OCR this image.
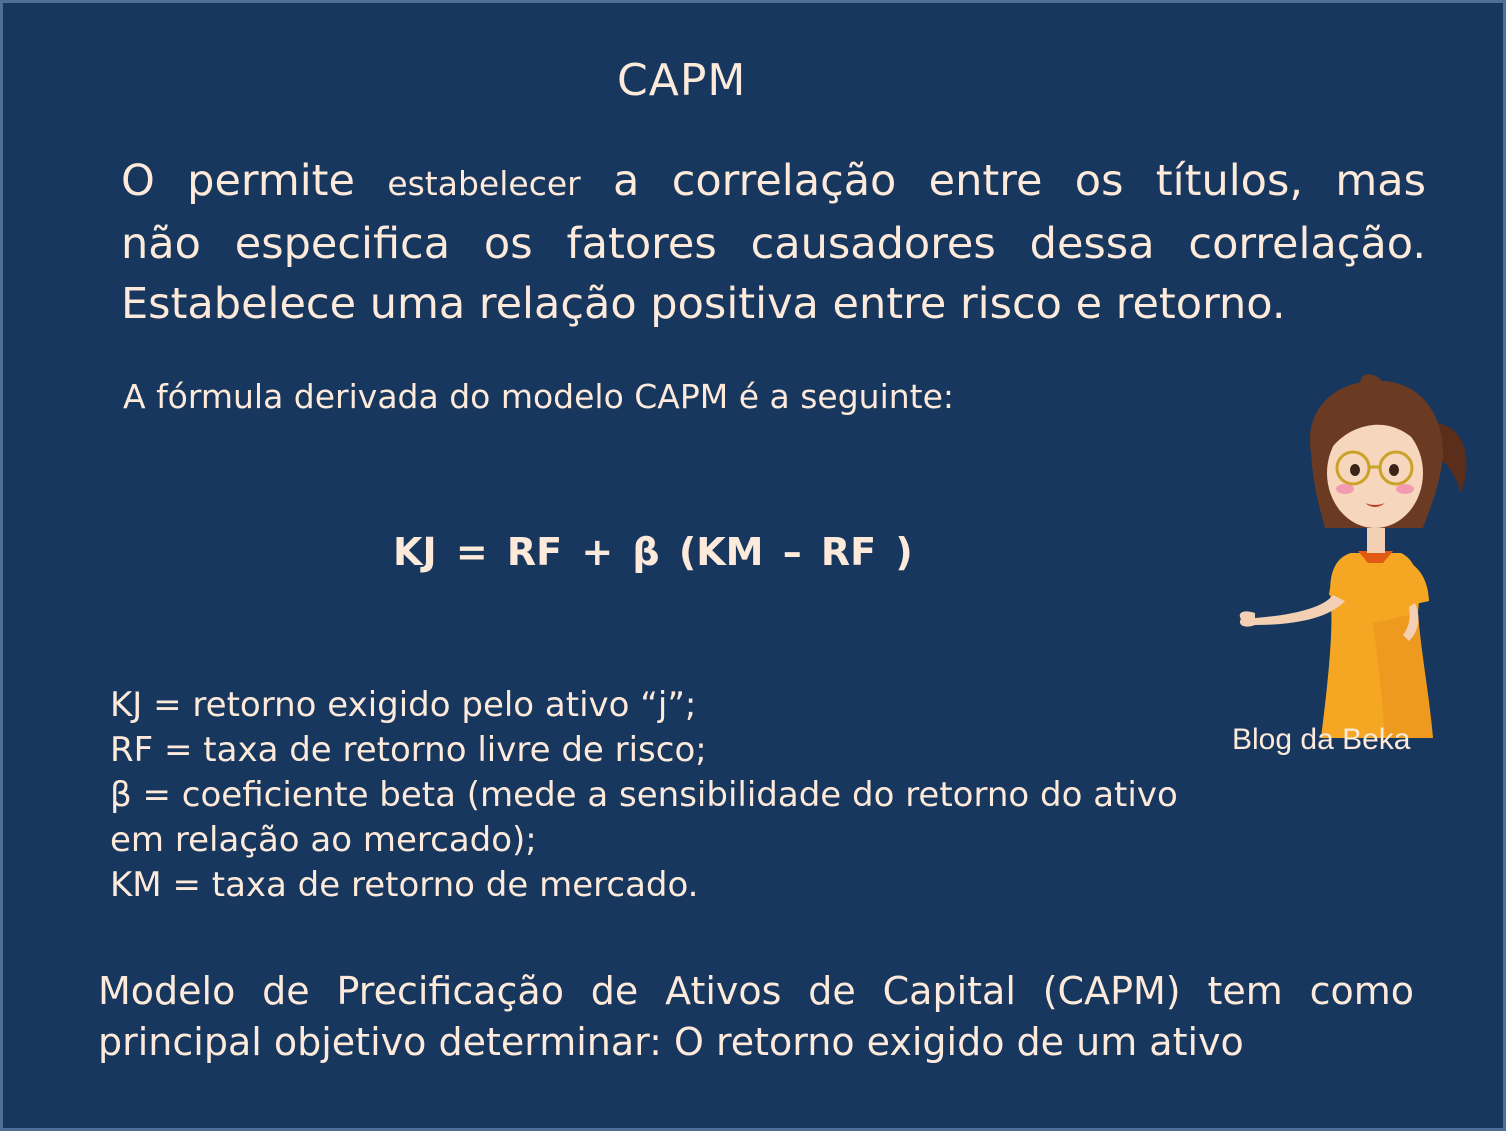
CAPM
O permite estabelecer a correlação entre os títulos, mas
não especifica os fatores causadores dessa correlação.
Estabelece uma relação positiva entre risco e retorno.
A fórmula derivada do modelo CAPM é a seguinte:
KJ = RF + β (KM – RF )
KJ = retorno exigido pelo ativo “j”;
RF = taxa de retorno livre de risco;
β = coeficiente beta (mede a sensibilidade do retorno do ativo
em relação ao mercado);
KM = taxa de retorno de mercado.
Modelo de Precificação de Ativos de Capital (CAPM) tem como
principal objetivo determinar: O retorno exigido de um ativo
Blog da Beka
